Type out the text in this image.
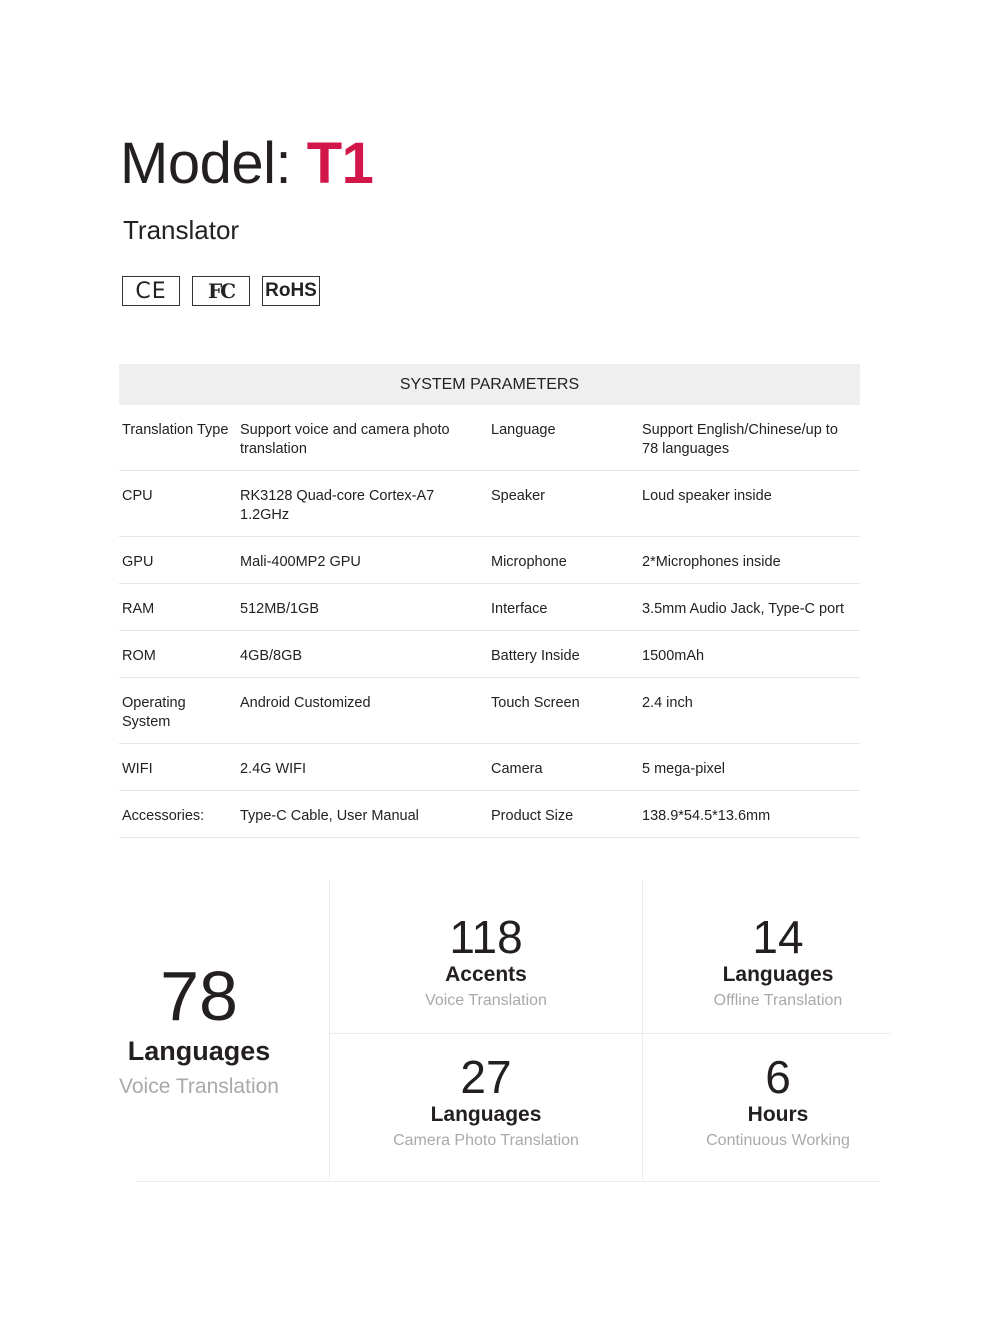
Model: T1
Translator
CE	FC	RoHS
SYSTEM PARAMETERS
Translation Type	Support voice and camera photo translation	Language	Support English/Chinese/up to 78 languages
CPU	RK3128 Quad-core Cortex-A7 1.2GHz	Speaker	Loud speaker inside
GPU	Mali-400MP2 GPU	Microphone	2*Microphones inside
RAM	512MB/1GB	Interface	3.5mm Audio Jack, Type-C port
ROM	4GB/8GB	Battery Inside	1500mAh
Operating System	Android Customized	Touch Screen	2.4 inch
WIFI	2.4G WIFI	Camera	5 mega-pixel
Accessories:	Type-C Cable, User Manual	Product Size	138.9*54.5*13.6mm
78
Languages
Voice Translation
118
Accents
Voice Translation
14
Languages
Offline Translation
27
Languages
Camera Photo Translation
6
Hours
Continuous Working
